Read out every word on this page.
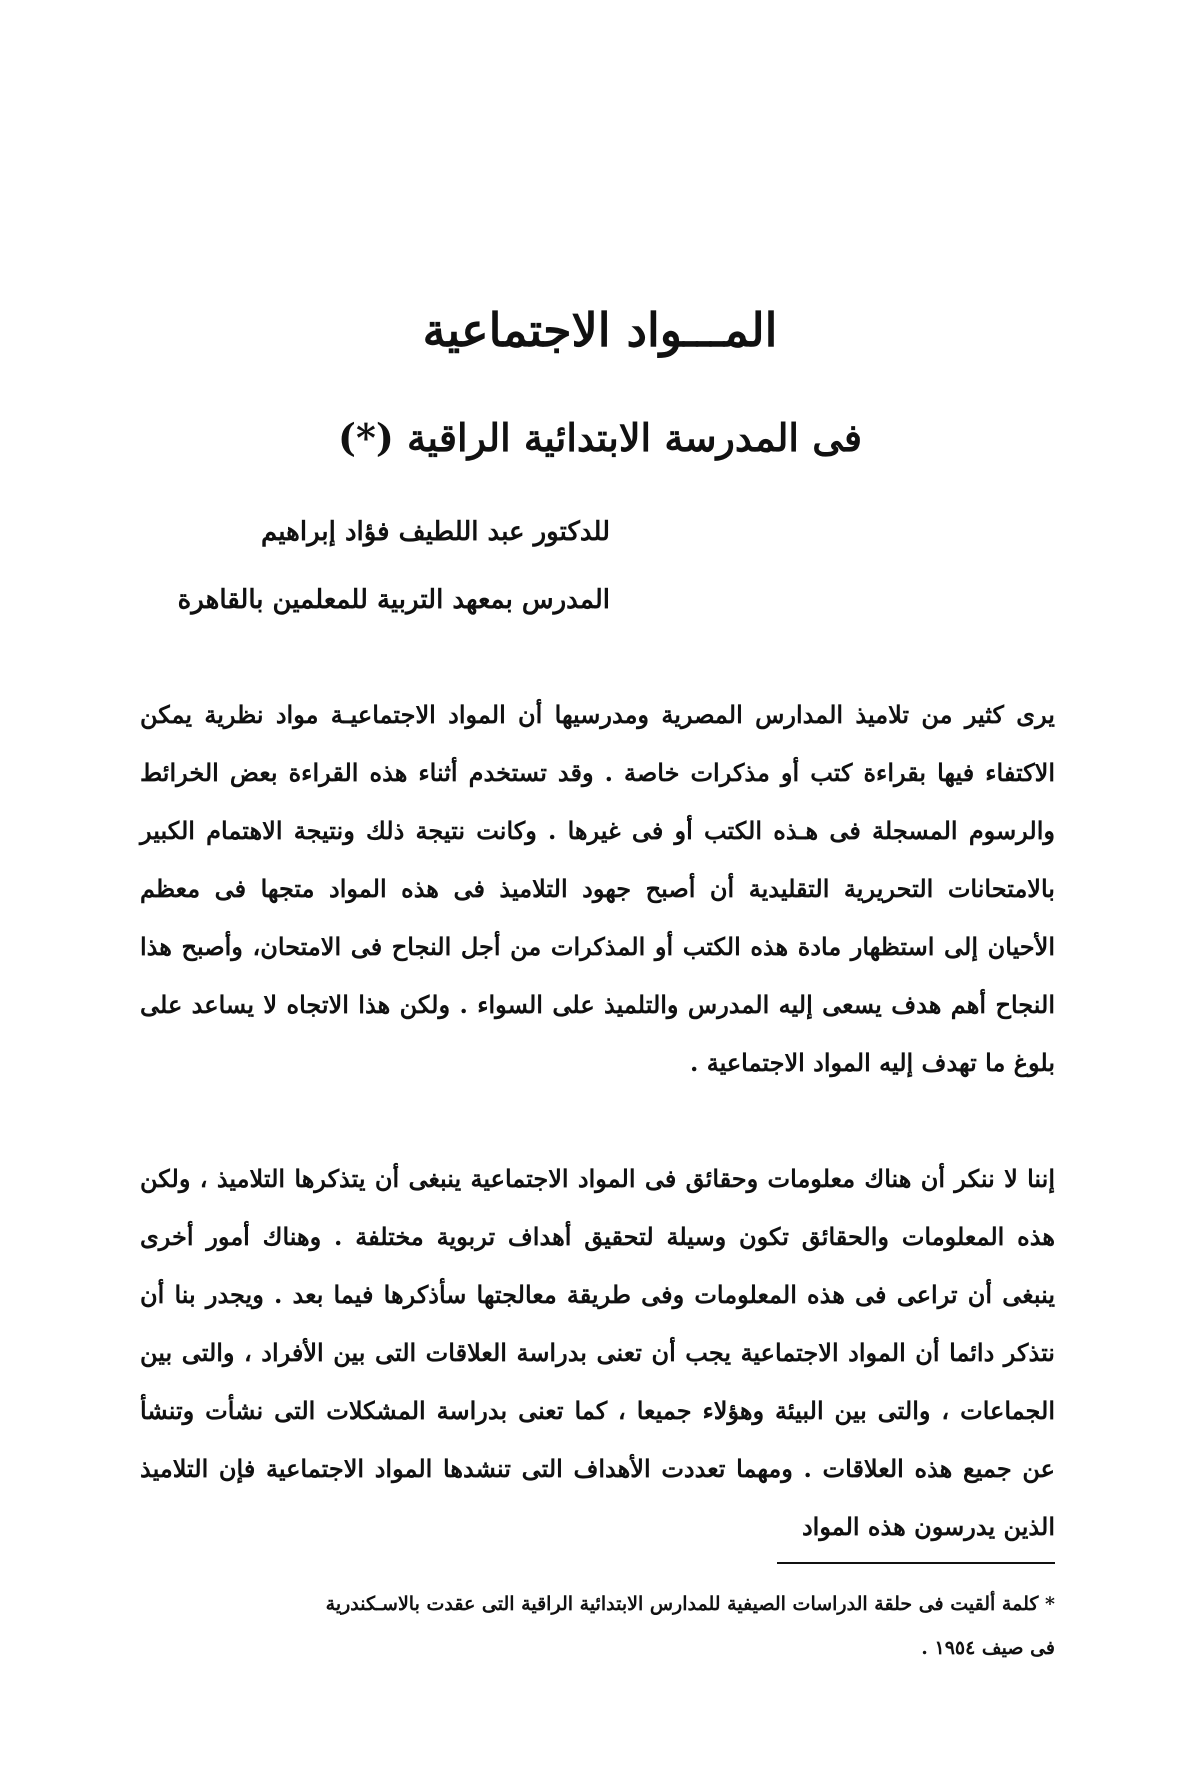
المـــواد الاجتماعية
فى المدرسة الابتدائية الراقية (*)
للدكتور عبد اللطيف فؤاد إبراهيم
المدرس بمعهد التربية للمعلمين بالقاهرة

يرى كثير من تلاميذ المدارس المصرية ومدرسيها أن المواد الاجتماعيـة مواد نظرية يمكن الاكتفاء فيها بقراءة كتب أو مذكرات خاصة . وقد تستخدم أثناء هذه القراءة بعض الخرائط والرسوم المسجلة فى هـذه الكتب أو فى غيرها . وكانت نتيجة ذلك ونتيجة الاهتمام الكبير بالامتحانات التحريرية التقليدية أن أصبح جهود التلاميذ فى هذه المواد متجها فى معظم الأحيان إلى استظهار مادة هذه الكتب أو المذكرات من أجل النجاح فى الامتحان، وأصبح هذا النجاح أهم هدف يسعى إليه المدرس والتلميذ على السواء . ولكن هذا الاتجاه لا يساعد على بلوغ ما تهدف إليه المواد الاجتماعية .

إننا لا ننكر أن هناك معلومات وحقائق فى المواد الاجتماعية ينبغى أن يتذكرها التلاميذ ، ولكن هذه المعلومات والحقائق تكون وسيلة لتحقيق أهداف تربوية مختلفة . وهناك أمور أخرى ينبغى أن تراعى فى هذه المعلومات وفى طريقة معالجتها سأذكرها فيما بعد . ويجدر بنا أن نتذكر دائما أن المواد الاجتماعية يجب أن تعنى بدراسة العلاقات التى بين الأفراد ، والتى بين الجماعات ، والتى بين البيئة وهؤلاء جميعا ، كما تعنى بدراسة المشكلات التى نشأت وتنشأ عن جميع هذه العلاقات . ومهما تعددت الأهداف التى تنشدها المواد الاجتماعية فإن التلاميذ الذين يدرسون هذه المواد

* كلمة ألقيت فى حلقة الدراسات الصيفية للمدارس الابتدائية الراقية التى عقدت بالاسـكندرية
فى صيف ١٩٥٤ .
